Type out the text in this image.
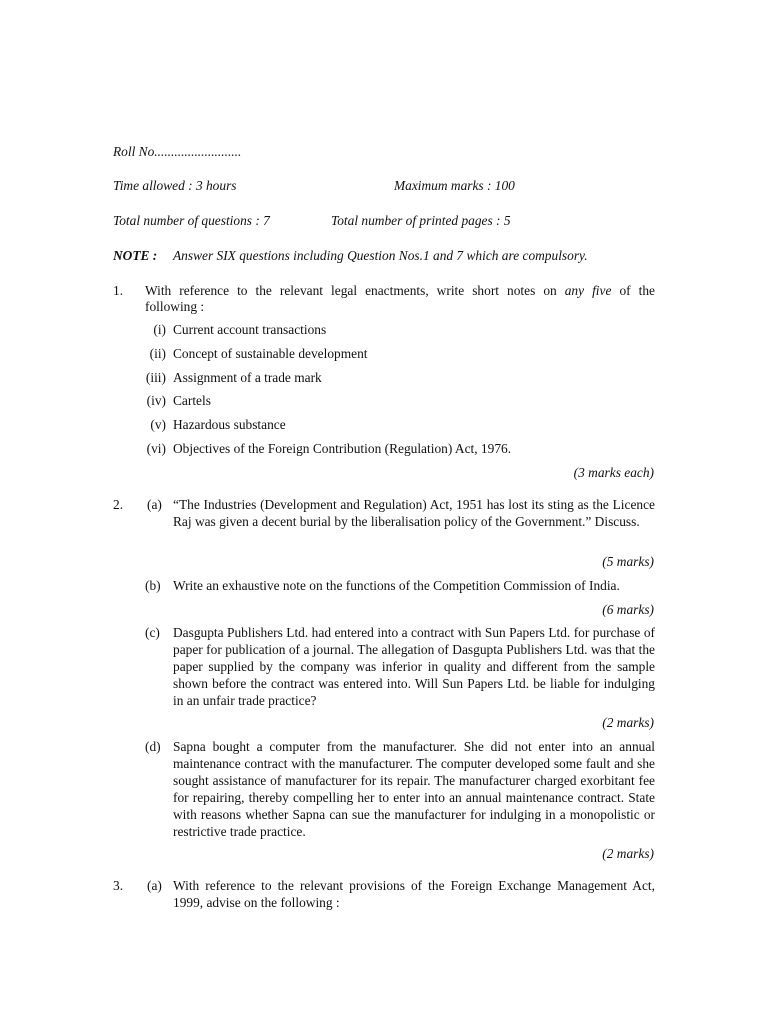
Roll No..........................
Time allowed : 3 hours	Maximum marks : 100
Total number of questions : 7	Total number of printed pages : 5
NOTE : Answer SIX questions including Question Nos.1 and 7 which are compulsory.
1. With reference to the relevant legal enactments, write short notes on any five of the
following :
(i) Current account transactions
(ii) Concept of sustainable development
(iii) Assignment of a trade mark
(iv) Cartels
(v) Hazardous substance
(vi) Objectives of the Foreign Contribution (Regulation) Act, 1976.
(3 marks each)
2. (a) “The Industries (Development and Regulation) Act, 1951 has lost its sting as the Licence Raj was given a decent burial by the liberalisation policy of the Government.” Discuss.
(5 marks)
(b) Write an exhaustive note on the functions of the Competition Commission of India.
(6 marks)
(c) Dasgupta Publishers Ltd. had entered into a contract with Sun Papers Ltd. for purchase of paper for publication of a journal. The allegation of Dasgupta Publishers Ltd. was that the paper supplied by the company was inferior in quality and different from the sample shown before the contract was entered into. Will Sun Papers Ltd. be liable for indulging in an unfair trade practice?
(2 marks)
(d) Sapna bought a computer from the manufacturer. She did not enter into an annual maintenance contract with the manufacturer. The computer developed some fault and she sought assistance of manufacturer for its repair. The manufacturer charged exorbitant fee for repairing, thereby compelling her to enter into an annual maintenance contract. State with reasons whether Sapna can sue the manufacturer for indulging in a monopolistic or restrictive trade practice.
(2 marks)
3. (a) With reference to the relevant provisions of the Foreign Exchange Management Act, 1999, advise on the following :
